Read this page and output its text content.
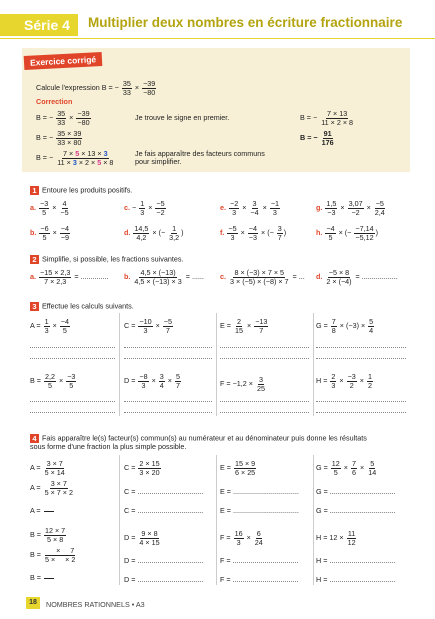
Série 4 Multiplier deux nombres en écriture fractionnaire
Exercice corrigé
Calcule l'expression B = − $\frac{35}{33} \times \frac{-39}{-80}$
Correction
B = − $\frac{35}{33} \times \frac{-39}{-80}$	Je trouve le signe en premier.	B = − $\frac{7 \times 13}{11 \times 2 \times 8}$
B = − $\frac{35 \times 39}{33 \times 80}$	B = − $\frac{91}{176}$
B = − $\frac{7 \times 5 \times 13 \times 3}{11 \times 3 \times 2 \times 5 \times 8}$	Je fais apparaître des facteurs communs
pour simplifier.
1 Entoure les produits positifs.
a. $\frac{-3}{5} \times \frac{4}{-5}$	c. − $\frac{1}{3} \times \frac{-5}{-2}$	e. $\frac{-2}{3} \times \frac{3}{-4} \times \frac{-1}{3}$	g. $\frac{1,5}{-3} \times \frac{3,07}{-2} \times \frac{-5}{2,4}$
b. $\frac{-6}{5} \times \frac{-4}{-9}$	d. $\frac{14,5}{4,2}$ × (− $\frac{1}{3,2}$ )	f. $\frac{-5}{3} \times \frac{-4}{-3}$ × (− $\frac{3}{7}$ )	h. $\frac{-4}{5}$ × (− $\frac{-7,14}{-5,12}$ )
2 Simplifie, si possible, les fractions suivantes.
a. $\frac{-15 \times 2,3}{7 \times 2,3}$ = .............. b. $\frac{4,5 \times (-13)}{4,5 \times (-13) \times 3}$ = ...... c. $\frac{8 \times (-3) \times 7 \times 5}{3 \times (-5) \times (-8) \times 7}$ = ... d. $\frac{-5 \times 8}{2 \times (-4)}$ = ..................
3 Effectue les calculs suivants.
$A = \frac{1}{3} \times \frac{-4}{5}$	$C = \frac{-10}{3} \times \frac{-5}{7}$	$E = \frac{2}{15} \times \frac{-13}{7}$	$G = \frac{7}{8} \times (-3) \times \frac{5}{4}$
$B = \frac{2,2}{5} \times \frac{-3}{5}$	$D = \frac{-8}{3} \times \frac{3}{4} \times \frac{5}{7}$	$F = -1,2 \times \frac{3}{25}$	$H = \frac{2}{3} \times \frac{-3}{2} \times \frac{1}{2}$
4 Fais apparaître le(s) facteur(s) commun(s) au numérateur et au dénominateur puis donne les résultats
sous forme d'une fraction la plus simple possible.
$A = \frac{3 \times 7}{5 \times 14}$
$A = \frac{3 \times 7}{5 \times 7 \times 2}$
A =

$B = \frac{12 \times 7}{5 \times 8}$
$B = \frac{\times 7}{5 \times \times 2}$
B =

$C = \frac{2 \times 15}{3 \times 20}$
C = .................................
C = .................................
$D = \frac{9 \times 8}{4 \times 15}$
D = .................................
D = .................................
$E = \frac{15 \times 9}{6 \times 25}$
E = .................................
E = .................................
$F = \frac{16}{3} \times \frac{6}{24}$
F = .................................
F = .................................
$G = \frac{12}{5} \times \frac{7}{6} \times \frac{5}{14}$
G = .................................
G = .................................
$H = 12 \times \frac{11}{12}$
H = .................................
H = .................................
18	NOMBRES RATIONNELS • A3
